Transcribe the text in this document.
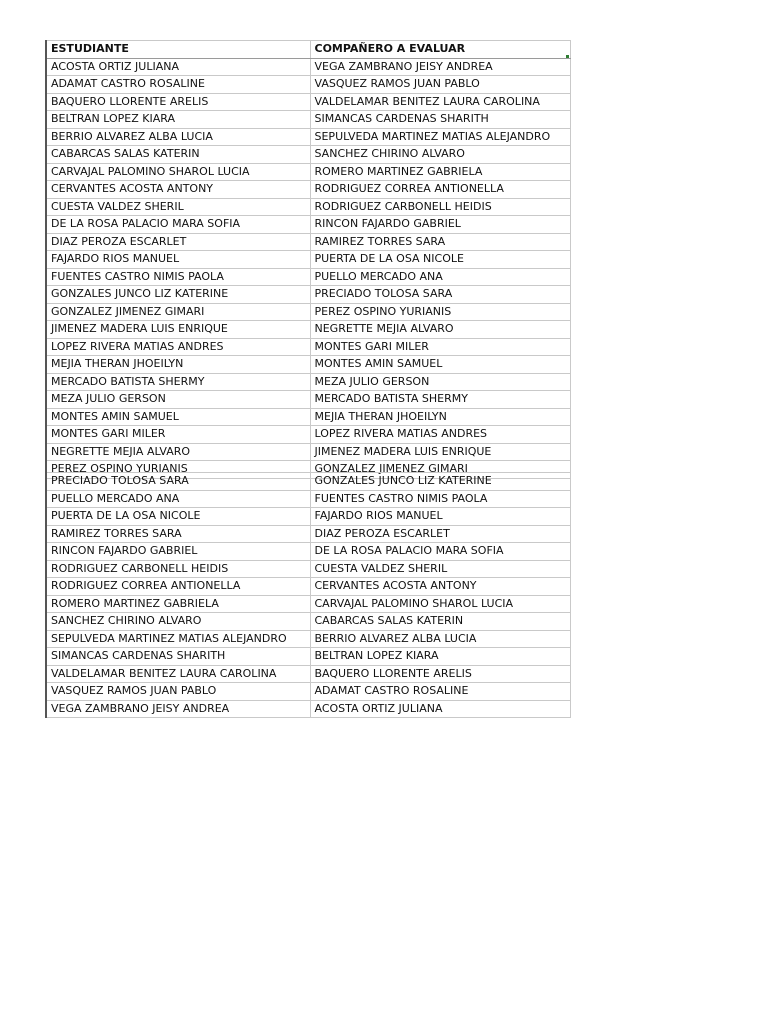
ESTUDIANTE	COMPAÑERO A EVALUAR
ACOSTA ORTIZ JULIANA	VEGA ZAMBRANO JEISY ANDREA
ADAMAT CASTRO ROSALINE	VASQUEZ RAMOS JUAN PABLO
BAQUERO LLORENTE ARELIS	VALDELAMAR BENITEZ LAURA CAROLINA
BELTRAN LOPEZ KIARA	SIMANCAS CARDENAS SHARITH
BERRIO ALVAREZ ALBA LUCIA	SEPULVEDA MARTINEZ MATIAS ALEJANDRO
CABARCAS SALAS KATERIN	SANCHEZ CHIRINO ALVARO
CARVAJAL PALOMINO SHAROL LUCIA	ROMERO MARTINEZ GABRIELA
CERVANTES ACOSTA ANTONY	RODRIGUEZ CORREA ANTIONELLA
CUESTA VALDEZ SHERIL	RODRIGUEZ CARBONELL HEIDIS
DE LA ROSA PALACIO MARA SOFIA	RINCON FAJARDO GABRIEL
DIAZ PEROZA ESCARLET	RAMIREZ TORRES SARA
FAJARDO RIOS MANUEL	PUERTA DE LA OSA NICOLE
FUENTES CASTRO NIMIS PAOLA	PUELLO MERCADO ANA
GONZALES JUNCO LIZ KATERINE	PRECIADO TOLOSA SARA
GONZALEZ JIMENEZ GIMARI	PEREZ OSPINO YURIANIS
JIMENEZ MADERA LUIS ENRIQUE	NEGRETTE MEJIA ALVARO
LOPEZ RIVERA MATIAS ANDRES	MONTES GARI MILER
MEJIA THERAN JHOEILYN	MONTES AMIN SAMUEL
MERCADO BATISTA SHERMY	MEZA JULIO GERSON
MEZA JULIO GERSON	MERCADO BATISTA SHERMY
MONTES AMIN SAMUEL	MEJIA THERAN JHOEILYN
MONTES GARI MILER	LOPEZ RIVERA MATIAS ANDRES
NEGRETTE MEJIA ALVARO	JIMENEZ MADERA LUIS ENRIQUE
PEREZ OSPINO YURIANIS	GONZALEZ JIMENEZ GIMARI
PRECIADO TOLOSA SARA	GONZALES JUNCO LIZ KATERINE
PUELLO MERCADO ANA	FUENTES CASTRO NIMIS PAOLA
PUERTA DE LA OSA NICOLE	FAJARDO RIOS MANUEL
RAMIREZ TORRES SARA	DIAZ PEROZA ESCARLET
RINCON FAJARDO GABRIEL	DE LA ROSA PALACIO MARA SOFIA
RODRIGUEZ CARBONELL HEIDIS	CUESTA VALDEZ SHERIL
RODRIGUEZ CORREA ANTIONELLA	CERVANTES ACOSTA ANTONY
ROMERO MARTINEZ GABRIELA	CARVAJAL PALOMINO SHAROL LUCIA
SANCHEZ CHIRINO ALVARO	CABARCAS SALAS KATERIN
SEPULVEDA MARTINEZ MATIAS ALEJANDRO	BERRIO ALVAREZ ALBA LUCIA
SIMANCAS CARDENAS SHARITH	BELTRAN LOPEZ KIARA
VALDELAMAR BENITEZ LAURA CAROLINA	BAQUERO LLORENTE ARELIS
VASQUEZ RAMOS JUAN PABLO	ADAMAT CASTRO ROSALINE
VEGA ZAMBRANO JEISY ANDREA	ACOSTA ORTIZ JULIANA
